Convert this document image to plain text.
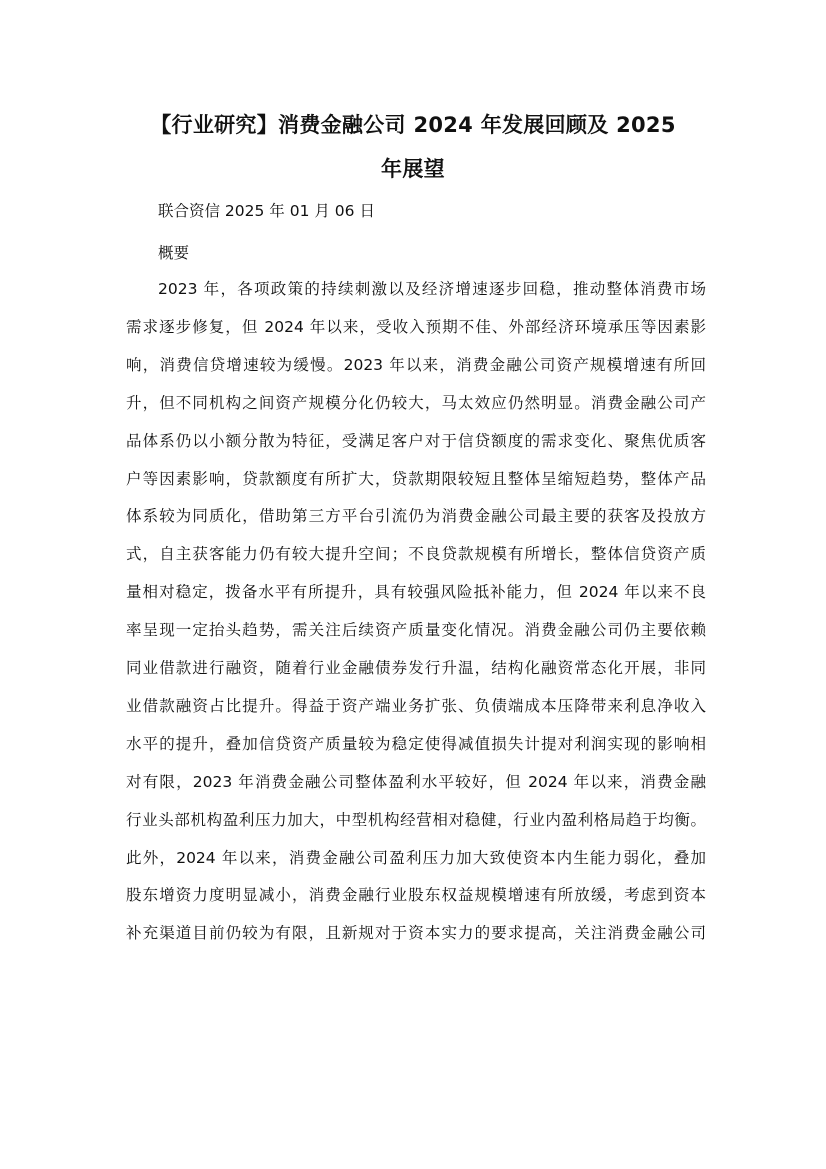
【行业研究】消费金融公司 2024 年发展回顾及 2025
年展望
联合资信 2025 年 01 月 06 日
概要
2023 年，各项政策的持续刺激以及经济增速逐步回稳，推动整体消费市场
需求逐步修复，但 2024 年以来，受收入预期不佳、外部经济环境承压等因素影
响，消费信贷增速较为缓慢。2023 年以来，消费金融公司资产规模增速有所回
升，但不同机构之间资产规模分化仍较大，马太效应仍然明显。消费金融公司产
品体系仍以小额分散为特征，受满足客户对于信贷额度的需求变化、聚焦优质客
户等因素影响，贷款额度有所扩大，贷款期限较短且整体呈缩短趋势，整体产品
体系较为同质化，借助第三方平台引流仍为消费金融公司最主要的获客及投放方
式，自主获客能力仍有较大提升空间；不良贷款规模有所增长，整体信贷资产质
量相对稳定，拨备水平有所提升，具有较强风险抵补能力，但 2024 年以来不良
率呈现一定抬头趋势，需关注后续资产质量变化情况。消费金融公司仍主要依赖
同业借款进行融资，随着行业金融债券发行升温，结构化融资常态化开展，非同
业借款融资占比提升。得益于资产端业务扩张、负债端成本压降带来利息净收入
水平的提升，叠加信贷资产质量较为稳定使得减值损失计提对利润实现的影响相
对有限，2023 年消费金融公司整体盈利水平较好，但 2024 年以来，消费金融
行业头部机构盈利压力加大，中型机构经营相对稳健，行业内盈利格局趋于均衡。
此外，2024 年以来，消费金融公司盈利压力加大致使资本内生能力弱化，叠加
股东增资力度明显减小，消费金融行业股东权益规模增速有所放缓，考虑到资本
补充渠道目前仍较为有限，且新规对于资本实力的要求提高，关注消费金融公司
